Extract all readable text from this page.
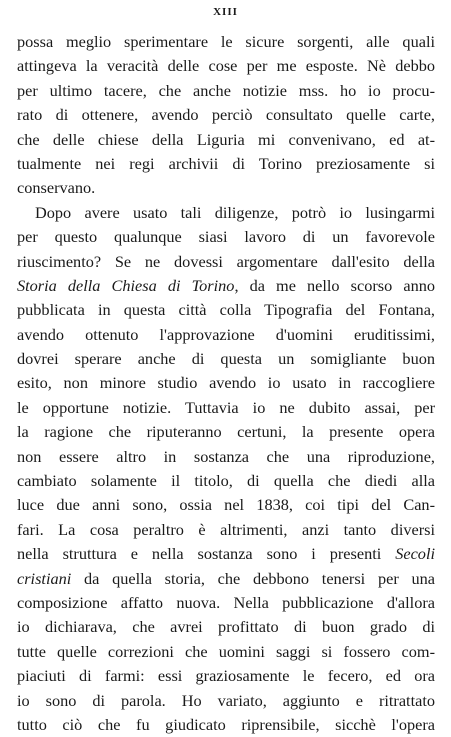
XIII
possa meglio sperimentare le sicure sorgenti, alle quali
attingeva la veracità delle cose per me esposte. Nè debbo
per ultimo tacere, che anche notizie mss. ho io procu-
rato di ottenere, avendo perciò consultato quelle carte,
che delle chiese della Liguria mi convenivano, ed at-
tualmente nei regi archivii di Torino preziosamente si
conservano.
Dopo avere usato tali diligenze, potrò io lusingarmi
per questo qualunque siasi lavoro di un favorevole
riuscimento? Se ne dovessi argomentare dall'esito della
Storia della Chiesa di Torino, da me nello scorso anno
pubblicata in questa città colla Tipografia del Fontana,
avendo ottenuto l'approvazione d'uomini eruditissimi,
dovrei sperare anche di questa un somigliante buon
esito, non minore studio avendo io usato in raccogliere
le opportune notizie. Tuttavia io ne dubito assai, per
la ragione che riputeranno certuni, la presente opera
non essere altro in sostanza che una riproduzione,
cambiato solamente il titolo, di quella che diedi alla
luce due anni sono, ossia nel 1838, coi tipi del Can-
fari. La cosa peraltro è altrimenti, anzi tanto diversi
nella struttura e nella sostanza sono i presenti Secoli
cristiani da quella storia, che debbono tenersi per una
composizione affatto nuova. Nella pubblicazione d'allora
io dichiarava, che avrei profittato di buon grado di
tutte quelle correzioni che uomini saggi si fossero com-
piaciuti di farmi: essi graziosamente le fecero, ed ora
io sono di parola. Ho variato, aggiunto e ritrattato
tutto ciò che fu giudicato riprensibile, sicchè l'opera
